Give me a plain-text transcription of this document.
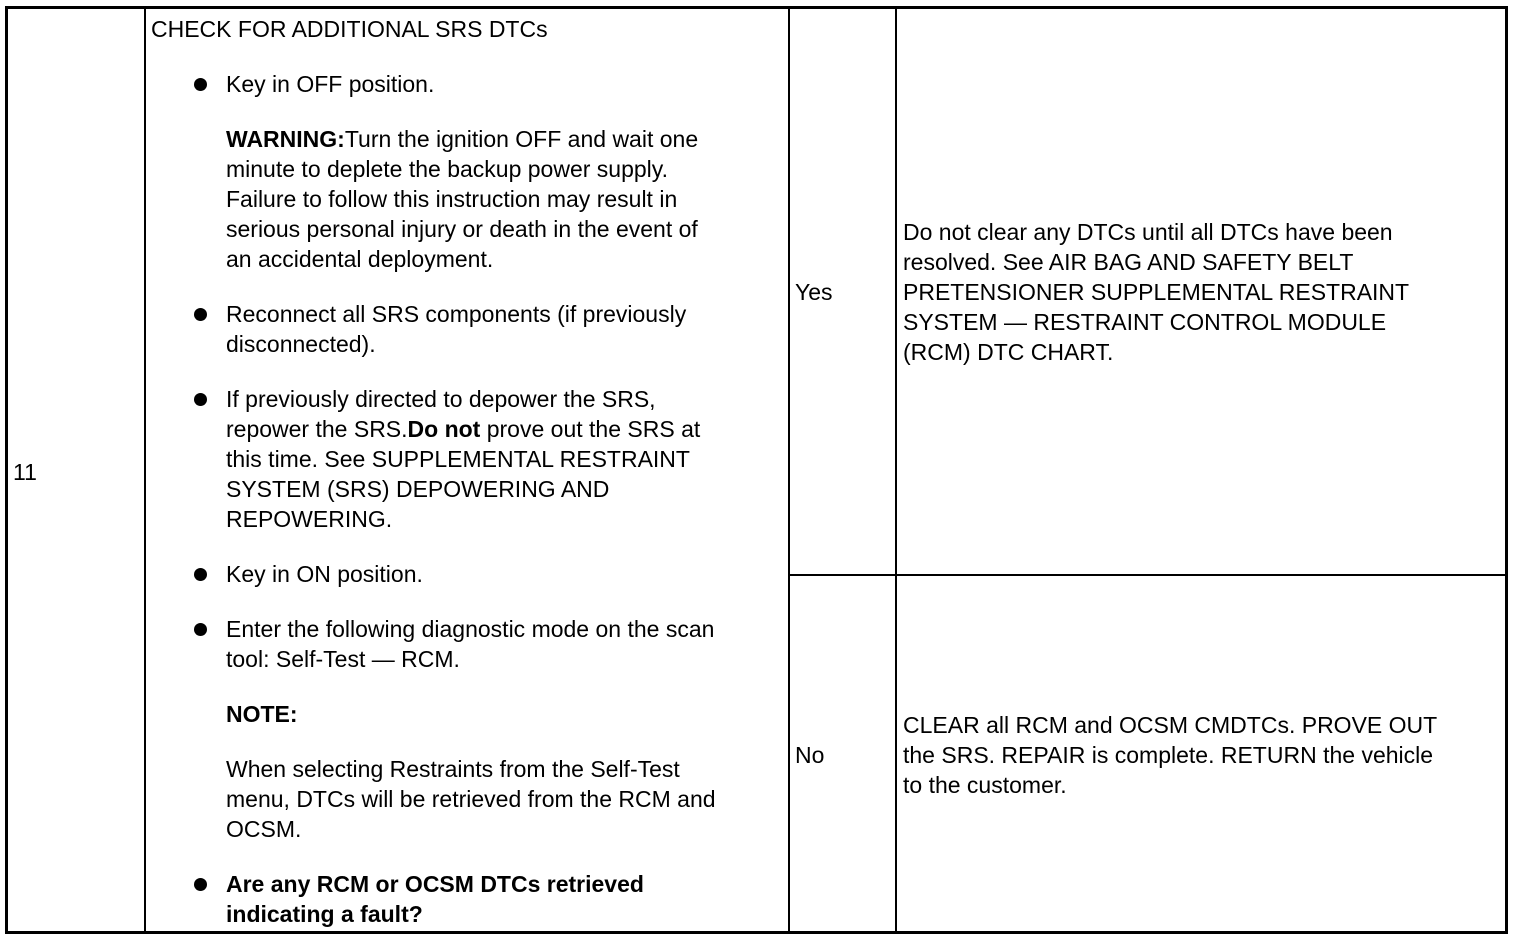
11
CHECK FOR ADDITIONAL SRS DTCs
Key in OFF position.
WARNING:Turn the ignition OFF and wait one
minute to deplete the backup power supply.
Failure to follow this instruction may result in
serious personal injury or death in the event of
an accidental deployment.
Reconnect all SRS components (if previously
disconnected).
If previously directed to depower the SRS,
repower the SRS.Do not prove out the SRS at
this time. See SUPPLEMENTAL RESTRAINT
SYSTEM (SRS) DEPOWERING AND
REPOWERING.
Key in ON position.
Enter the following diagnostic mode on the scan
tool: Self-Test — RCM.
NOTE:
When selecting Restraints from the Self-Test
menu, DTCs will be retrieved from the RCM and
OCSM.
Are any RCM or OCSM DTCs retrieved
indicating a fault?
Yes
Do not clear any DTCs until all DTCs have been
resolved. See AIR BAG AND SAFETY BELT
PRETENSIONER SUPPLEMENTAL RESTRAINT
SYSTEM — RESTRAINT CONTROL MODULE
(RCM) DTC CHART.
No
CLEAR all RCM and OCSM CMDTCs. PROVE OUT
the SRS. REPAIR is complete. RETURN the vehicle
to the customer.
